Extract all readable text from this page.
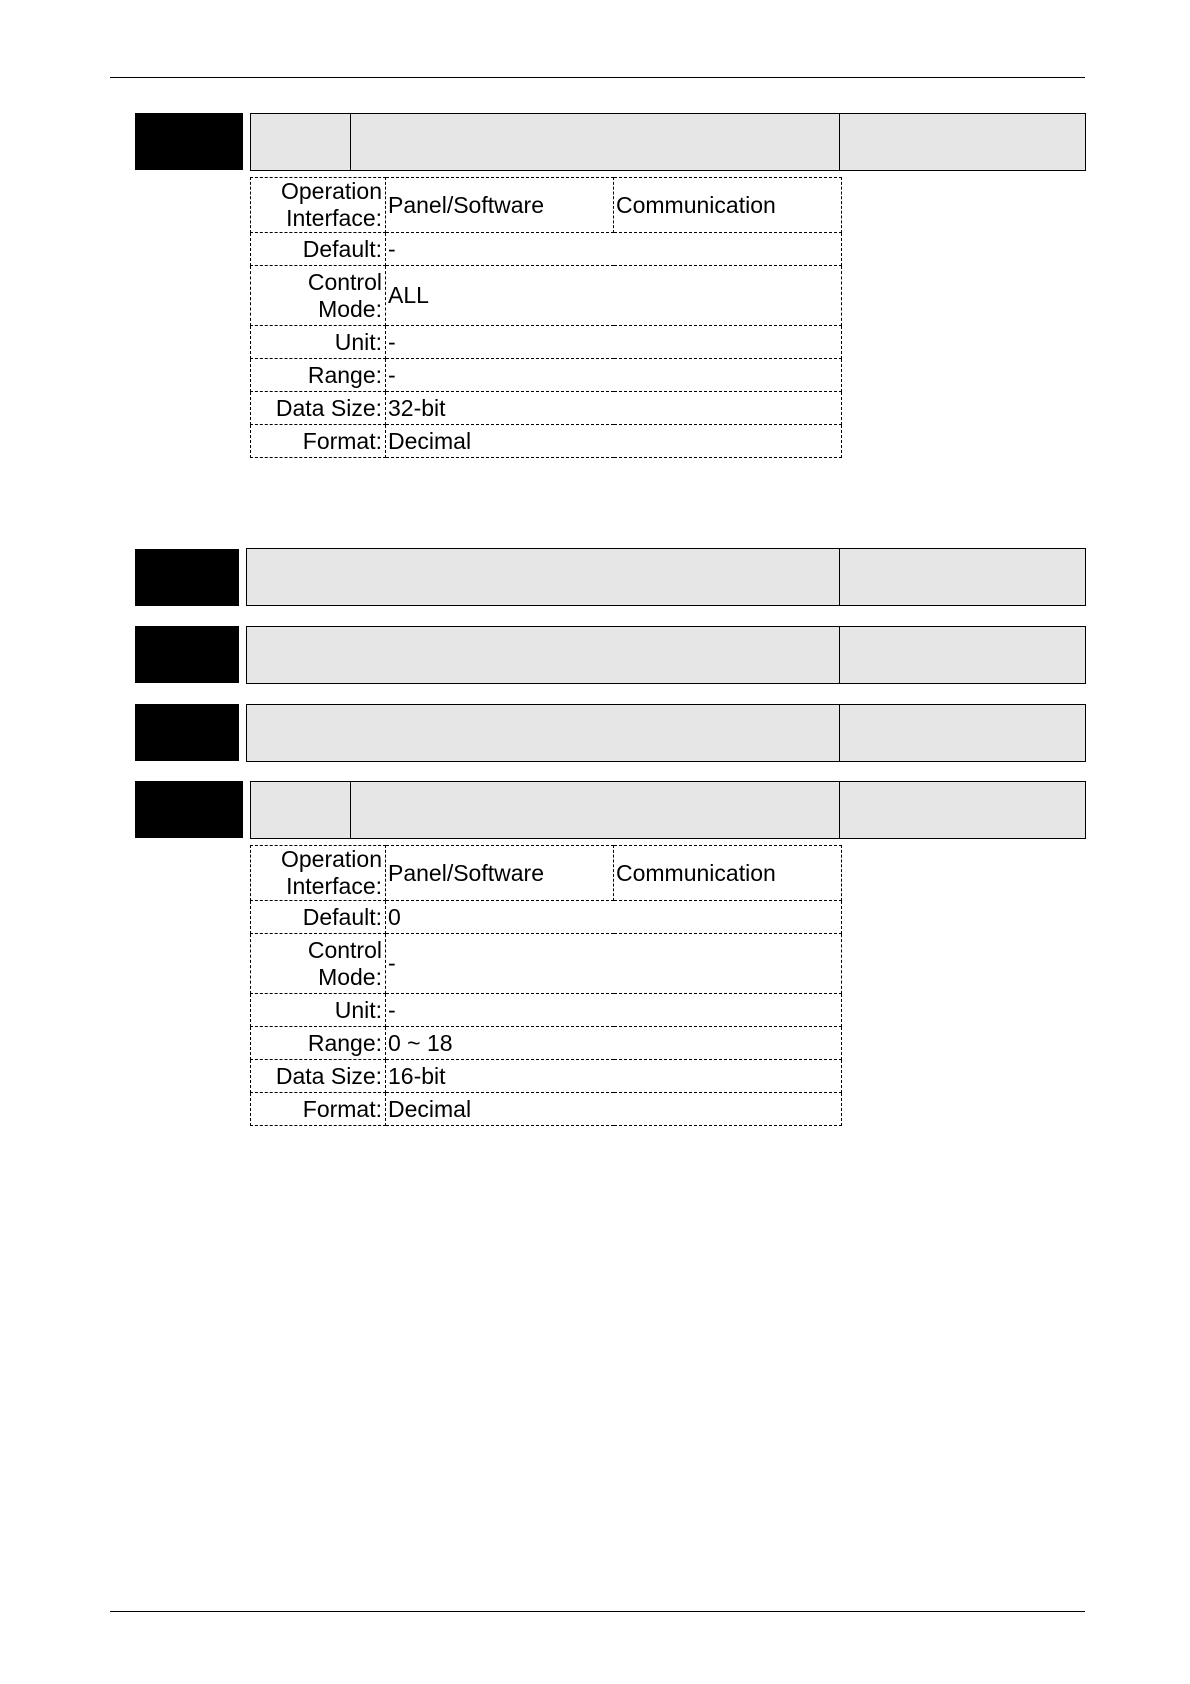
Operation
Interface:	Panel/Software	Communication
Default:	-	

Control
Mode:	ALL	
Unit:	-	
Range:	-	
Data Size:	32-bit	
Format:	Decimal	
Operation
Interface:	Panel/Software	Communication
Default:	0	

Control
Mode:	-	
Unit:	-	
Range:	0 ~ 18	
Data Size:	16-bit	
Format:	Decimal	
